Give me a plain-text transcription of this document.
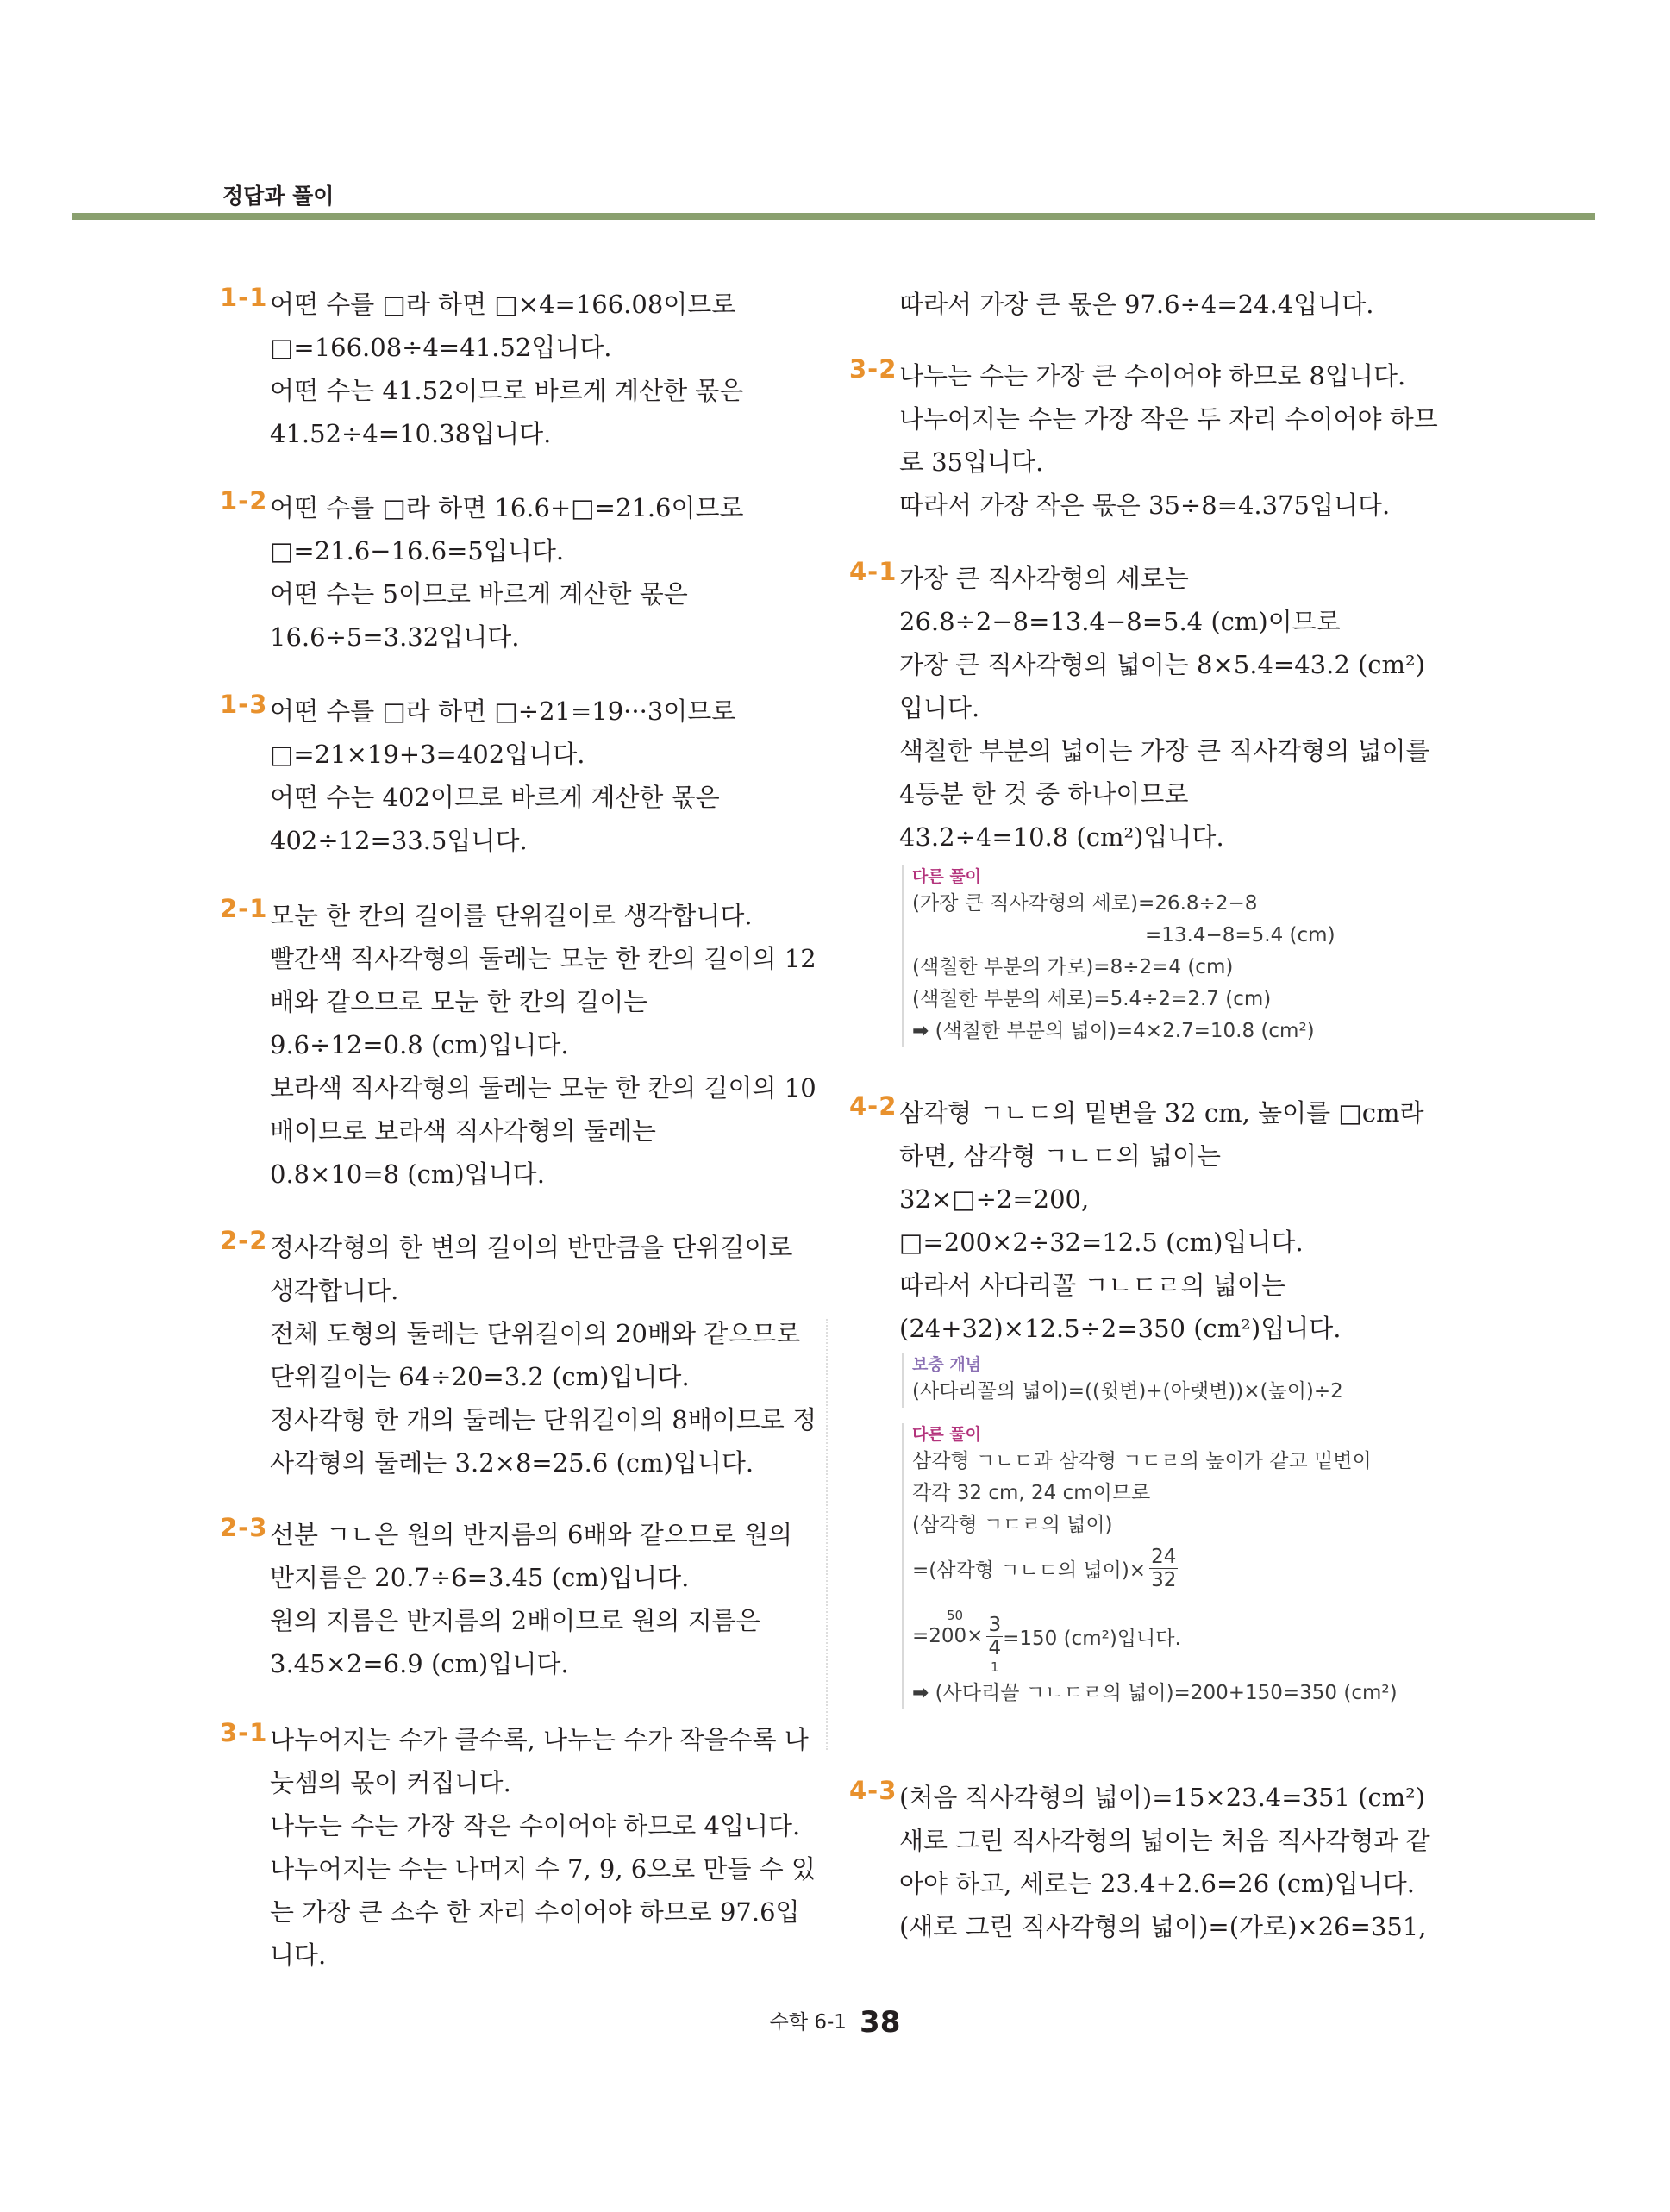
정답과 풀이
1-1 어떤 수를 □라 하면 □×4=166.08이므로
□=166.08÷4=41.52입니다.
어떤 수는 41.52이므로 바르게 계산한 몫은
41.52÷4=10.38입니다.
1-2 어떤 수를 □라 하면 16.6+□=21.6이므로
□=21.6−16.6=5입니다.
어떤 수는 5이므로 바르게 계산한 몫은
16.6÷5=3.32입니다.
1-3 어떤 수를 □라 하면 □÷21=19···3이므로
□=21×19+3=402입니다.
어떤 수는 402이므로 바르게 계산한 몫은
402÷12=33.5입니다.
2-1 모눈 한 칸의 길이를 단위길이로 생각합니다.
빨간색 직사각형의 둘레는 모눈 한 칸의 길이의 12
배와 같으므로 모눈 한 칸의 길이는
9.6÷12=0.8 (cm)입니다.
보라색 직사각형의 둘레는 모눈 한 칸의 길이의 10
배이므로 보라색 직사각형의 둘레는
0.8×10=8 (cm)입니다.
2-2 정사각형의 한 변의 길이의 반만큼을 단위길이로
생각합니다.
전체 도형의 둘레는 단위길이의 20배와 같으므로
단위길이는 64÷20=3.2 (cm)입니다.
정사각형 한 개의 둘레는 단위길이의 8배이므로 정
사각형의 둘레는 3.2×8=25.6 (cm)입니다.
2-3 선분 ㄱㄴ은 원의 반지름의 6배와 같으므로 원의
반지름은 20.7÷6=3.45 (cm)입니다.
원의 지름은 반지름의 2배이므로 원의 지름은
3.45×2=6.9 (cm)입니다.
3-1 나누어지는 수가 클수록, 나누는 수가 작을수록 나
눗셈의 몫이 커집니다.
나누는 수는 가장 작은 수이어야 하므로 4입니다.
나누어지는 수는 나머지 수 7, 9, 6으로 만들 수 있
는 가장 큰 소수 한 자리 수이어야 하므로 97.6입
니다.
따라서 가장 큰 몫은 97.6÷4=24.4입니다.
3-2 나누는 수는 가장 큰 수이어야 하므로 8입니다.
나누어지는 수는 가장 작은 두 자리 수이어야 하므
로 35입니다.
따라서 가장 작은 몫은 35÷8=4.375입니다.
4-1 가장 큰 직사각형의 세로는
26.8÷2−8=13.4−8=5.4 (cm)이므로
가장 큰 직사각형의 넓이는 8×5.4=43.2 (cm²)
입니다.
색칠한 부분의 넓이는 가장 큰 직사각형의 넓이를
4등분 한 것 중 하나이므로
43.2÷4=10.8 (cm²)입니다.
다른 풀이
(가장 큰 직사각형의 세로)=26.8÷2−8
=13.4−8=5.4 (cm)
(색칠한 부분의 가로)=8÷2=4 (cm)
(색칠한 부분의 세로)=5.4÷2=2.7 (cm)
➡ (색칠한 부분의 넓이)=4×2.7=10.8 (cm²)
4-2 삼각형 ㄱㄴㄷ의 밑변을 32 cm, 높이를 □cm라
하면, 삼각형 ㄱㄴㄷ의 넓이는
32×□÷2=200,
□=200×2÷32=12.5 (cm)입니다.
따라서 사다리꼴 ㄱㄴㄷㄹ의 넓이는
(24+32)×12.5÷2=350 (cm²)입니다.
보충 개념
(사다리꼴의 넓이)=((윗변)+(아랫변))×(높이)÷2
다른 풀이
삼각형 ㄱㄴㄷ과 삼각형 ㄱㄷㄹ의 높이가 같고 밑변이
각각 32 cm, 24 cm이므로
(삼각형 ㄱㄷㄹ의 넓이)
=(삼각형 ㄱㄴㄷ의 넓이)× $\frac{24}{32}$
50
=200×
3
4
1
=150 (cm²)입니다.
➡ (사다리꼴 ㄱㄴㄷㄹ의 넓이)=200+150=350 (cm²)
4-3 (처음 직사각형의 넓이)=15×23.4=351 (cm²)
새로 그린 직사각형의 넓이는 처음 직사각형과 같
아야 하고, 세로는 23.4+2.6=26 (cm)입니다.
(새로 그린 직사각형의 넓이)=(가로)×26=351,
수학 6-1 38
